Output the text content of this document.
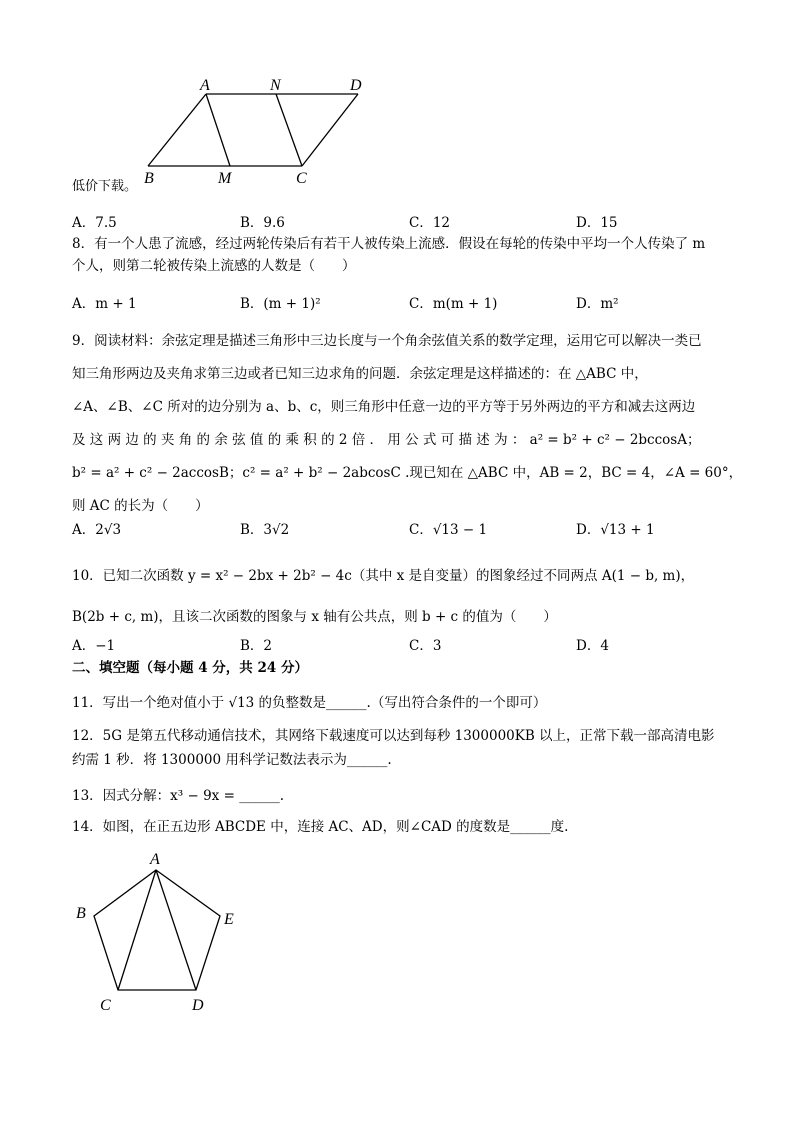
A	N	D
B	M	C
低价下载。
A．7.5	B．9.6	C．12	D．15
8．有一个人患了流感，经过两轮传染后有若干人被传染上流感．假设在每轮的传染中平均一个人传染了 m
个人，则第二轮被传染上流感的人数是（　　）
A．m + 1	B．(m + 1)²	C．m(m + 1)	D．m²
9．阅读材料：余弦定理是描述三角形中三边长度与一个角余弦值关系的数学定理，运用它可以解决一类已
知三角形两边及夹角求第三边或者已知三边求角的问题．余弦定理是这样描述的：在 △ABC 中，
∠A、∠B、∠C 所对的边分别为 a、b、c，则三角形中任意一边的平方等于另外两边的平方和减去这两边
及 这 两 边 的 夹 角 的 余 弦 值 的 乘 积 的 2 倍 ． 用 公 式 可 描 述 为 ： a² = b² + c² − 2bccosA；
b² = a² + c² − 2accosB；c² = a² + b² − 2abcosC .现已知在 △ABC 中，AB = 2，BC = 4，∠A = 60°，
则 AC 的长为（　　）
A．2√3	B．3√2	C．√13 − 1	D．√13 + 1
10．已知二次函数 y = x² − 2bx + 2b² − 4c（其中 x 是自变量）的图象经过不同两点 A(1 − b, m)，
B(2b + c, m)，且该二次函数的图象与 x 轴有公共点，则 b + c 的值为（　　）
A．−1	B．2	C．3	D．4
二、填空题（每小题 4 分，共 24 分）
11．写出一个绝对值小于 √13 的负整数是______.（写出符合条件的一个即可）
12．5G 是第五代移动通信技术，其网络下载速度可以达到每秒 1300000KB 以上，正常下载一部高清电影
约需 1 秒．将 1300000 用科学记数法表示为______.
13．因式分解：x³ − 9x = ______.
14．如图，在正五边形 ABCDE 中，连接 AC、AD，则∠CAD 的度数是______度.
A
B
C	D
E
